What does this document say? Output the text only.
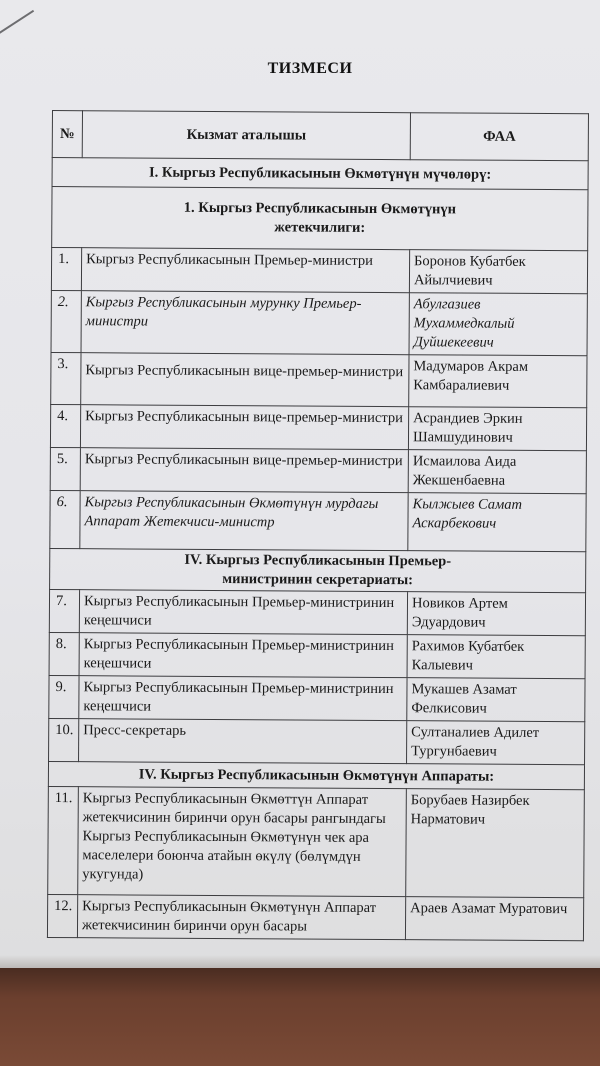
ТИЗМЕСИ
№	Кызмат аталышы	ФАА
I. Кыргыз Республикасынын Өкмөтүнүн мүчөлөрү:		
1. Кыргыз Республикасынын Өкмөтүнүн жетекчилиги:		
1.	Кыргыз Республикасынын Премьер-министри	Боронов Кубатбек Айылчиевич
2.	Кыргыз Республикасынын мурунку Премьер-министри	Абулгазиев Мухаммедкалый Дуйшекеевич
3.	Кыргыз Республикасынын вице-премьер-министри	Мадумаров Акрам Камбаралиевич
4.	Кыргыз Республикасынын вице-премьер-министри	Асрандиев Эркин Шамшудинович
5.	Кыргыз Республикасынын вице-премьер-министри	Исмаилова Аида Жекшенбаевна
6.	Кыргыз Республикасынын Өкмөтүнүн мурдагы Аппарат Жетекчиси-министр	Кылжыев Самат Аскарбекович
IV. Кыргыз Республикасынын Премьер-министринин секретариаты:		
7.	Кыргыз Республикасынын Премьер-министринин кеңешчиси	Новиков Артем Эдуардович
8.	Кыргыз Республикасынын Премьер-министринин кеңешчиси	Рахимов Кубатбек Калыевич
9.	Кыргыз Республикасынын Премьер-министринин кеңешчиси	Мукашев Азамат Фелкисович
10.	Пресс-секретарь	Султаналиев Адилет Тургунбаевич
IV. Кыргыз Республикасынын Өкмөтүнүн Аппараты:		
11.	Кыргыз Республикасынын Өкмөттүн Аппарат жетекчисинин биринчи орун басары рангындагы Кыргыз Республикасынын Өкмөтүнүн чек ара маселелери боюнча атайын өкүлү (бөлүмдүн укугунда)	Борубаев Назирбек Нарматович
12.	Кыргыз Республикасынын Өкмөтүнүн Аппарат жетекчисинин биринчи орун басары	Араев Азамат Муратович
